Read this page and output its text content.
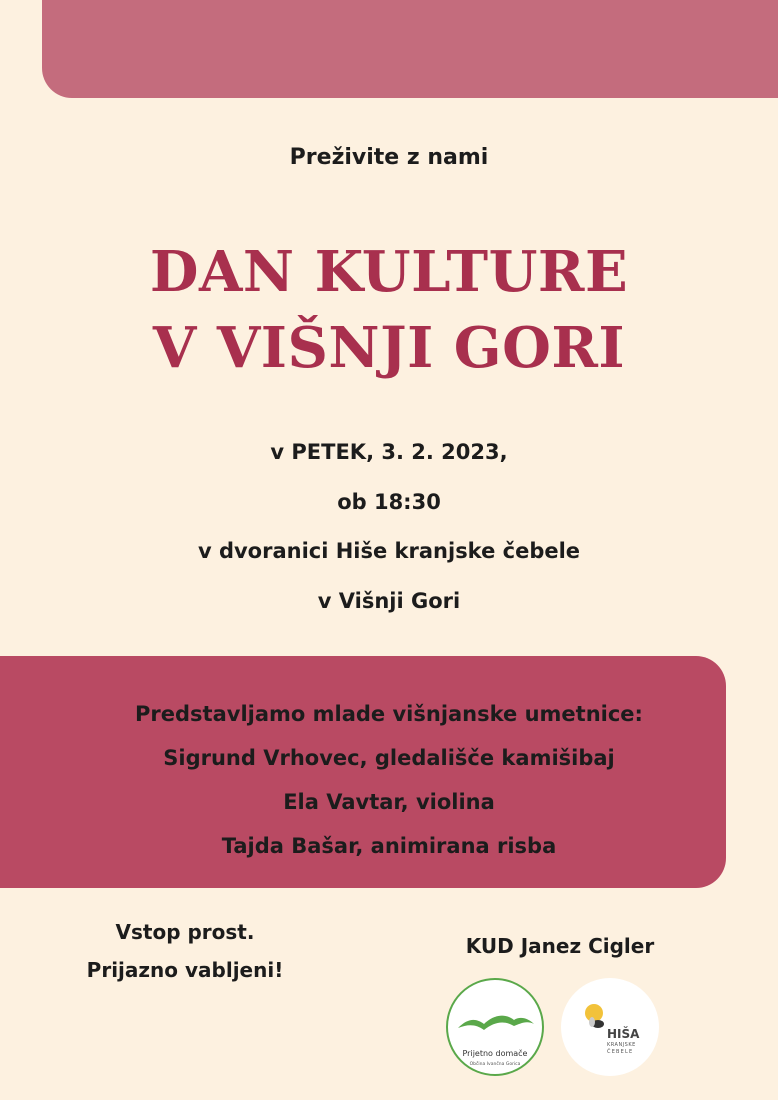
Preživite z nami
DAN KULTURE
V VIŠNJI GORI
v PETEK, 3. 2. 2023,
ob 18:30
v dvoranici Hiše kranjske čebele
v Višnji Gori
Predstavljamo mlade višnjanske umetnice:
Sigrund Vrhovec, gledališče kamišibaj
Ela Vavtar, violina
Tajda Bašar, animirana risba
Vstop prost.
Prijazno vabljeni!
KUD Janez Cigler
Prijetno domače
Občina Ivančna Gorica
HIŠA
KRANJSKE
ČEBELE
